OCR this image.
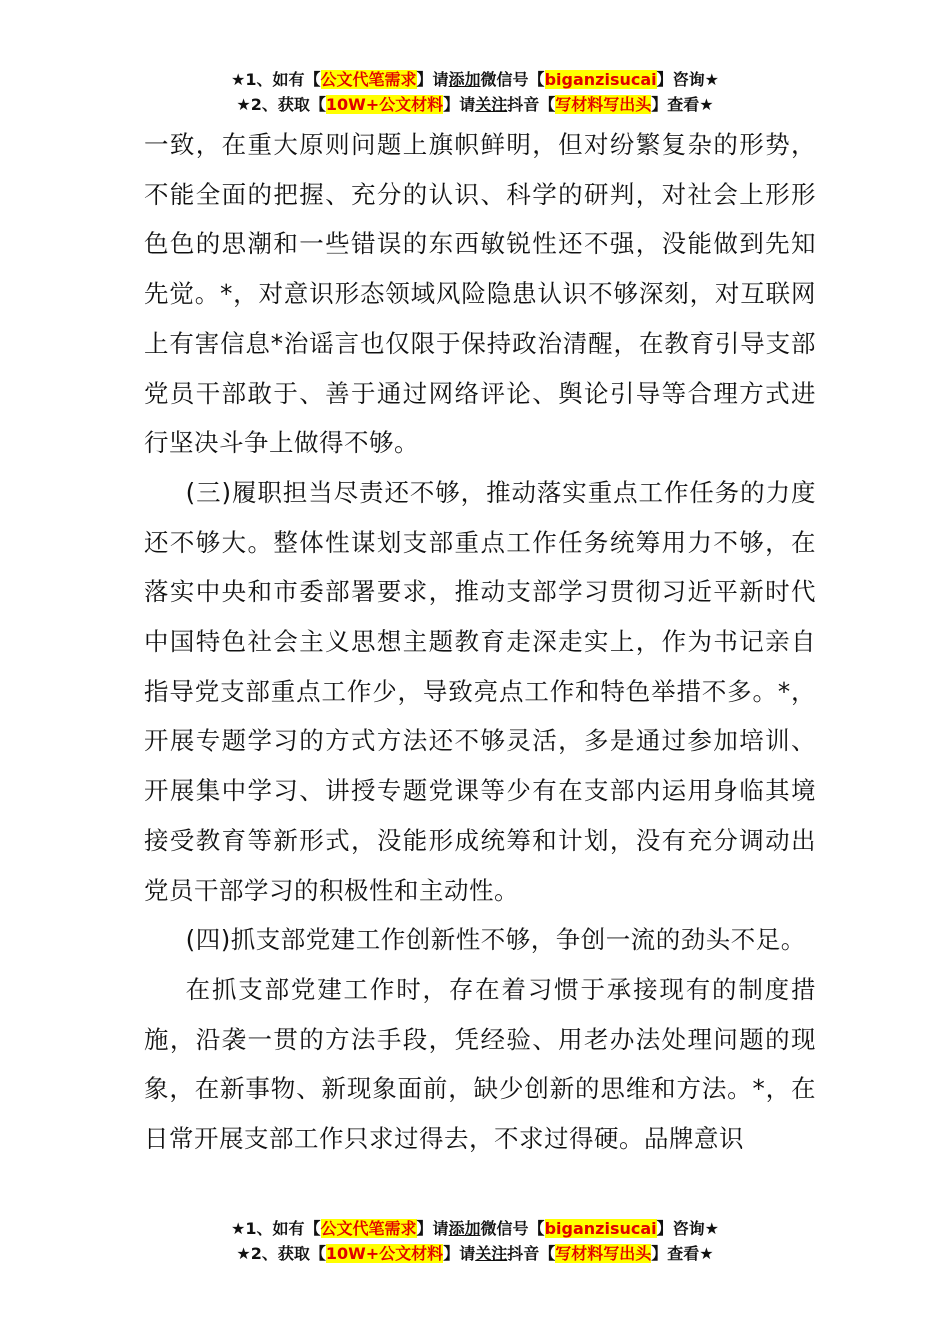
★1、如有【公文代笔需求】请添加微信号【biganzisucai】咨询★
★2、获取【10W+公文材料】请关注抖音【写材料写出头】查看★

一致，在重大原则问题上旗帜鲜明，但对纷繁复杂的形势，不能全面的把握、充分的认识、科学的研判，对社会上形形色色的思潮和一些错误的东西敏锐性还不强，没能做到先知先觉。*，对意识形态领域风险隐患认识不够深刻，对互联网上有害信息*治谣言也仅限于保持政治清醒，在教育引导支部党员干部敢于、善于通过网络评论、舆论引导等合理方式进行坚决斗争上做得不够。

(三)履职担当尽责还不够，推动落实重点工作任务的力度还不够大。整体性谋划支部重点工作任务统筹用力不够，在落实中央和市委部署要求，推动支部学习贯彻习近平新时代中国特色社会主义思想主题教育走深走实上，作为书记亲自指导党支部重点工作少，导致亮点工作和特色举措不多。*，开展专题学习的方式方法还不够灵活，多是通过参加培训、开展集中学习、讲授专题党课等少有在支部内运用身临其境接受教育等新形式，没能形成统筹和计划，没有充分调动出党员干部学习的积极性和主动性。

(四)抓支部党建工作创新性不够，争创一流的劲头不足。

在抓支部党建工作时，存在着习惯于承接现有的制度措施，沿袭一贯的方法手段，凭经验、用老办法处理问题的现象，在新事物、新现象面前，缺少创新的思维和方法。*，在日常开展支部工作只求过得去，不求过得硬。品牌意识

★1、如有【公文代笔需求】请添加微信号【biganzisucai】咨询★
★2、获取【10W+公文材料】请关注抖音【写材料写出头】查看★
